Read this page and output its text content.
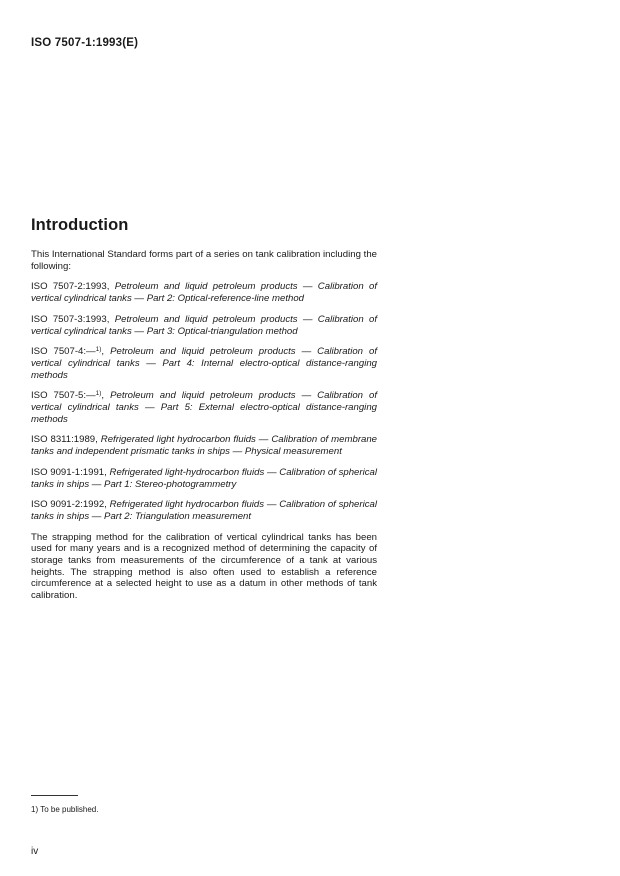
ISO 7507-1:1993(E)
Introduction

This International Standard forms part of a series on tank calibration including the following:

ISO 7507-2:1993, Petroleum and liquid petroleum products — Calibration of vertical cylindrical tanks — Part 2: Optical-reference-line method

ISO 7507-3:1993, Petroleum and liquid petroleum products — Calibration of vertical cylindrical tanks — Part 3: Optical-triangulation method

ISO 7507-4:—$^{1)}$, Petroleum and liquid petroleum products — Calibration of vertical cylindrical tanks — Part 4: Internal electro-optical distance-ranging methods

ISO 7507-5:—$^{1)}$, Petroleum and liquid petroleum products — Calibration of vertical cylindrical tanks — Part 5: External electro-optical distance-ranging methods

ISO 8311:1989, Refrigerated light hydrocarbon fluids — Calibration of membrane tanks and independent prismatic tanks in ships — Physical measurement

ISO 9091-1:1991, Refrigerated light-hydrocarbon fluids — Calibration of spherical tanks in ships — Part 1: Stereo-photogrammetry

ISO 9091-2:1992, Refrigerated light hydrocarbon fluids — Calibration of spherical tanks in ships — Part 2: Triangulation measurement

The strapping method for the calibration of vertical cylindrical tanks has been used for many years and is a recognized method of determining the capacity of storage tanks from measurements of the circumference of a tank at various heights. The strapping method is also often used to establish a reference circumference at a selected height to use as a datum in other methods of tank calibration.

1) To be published.
iv
